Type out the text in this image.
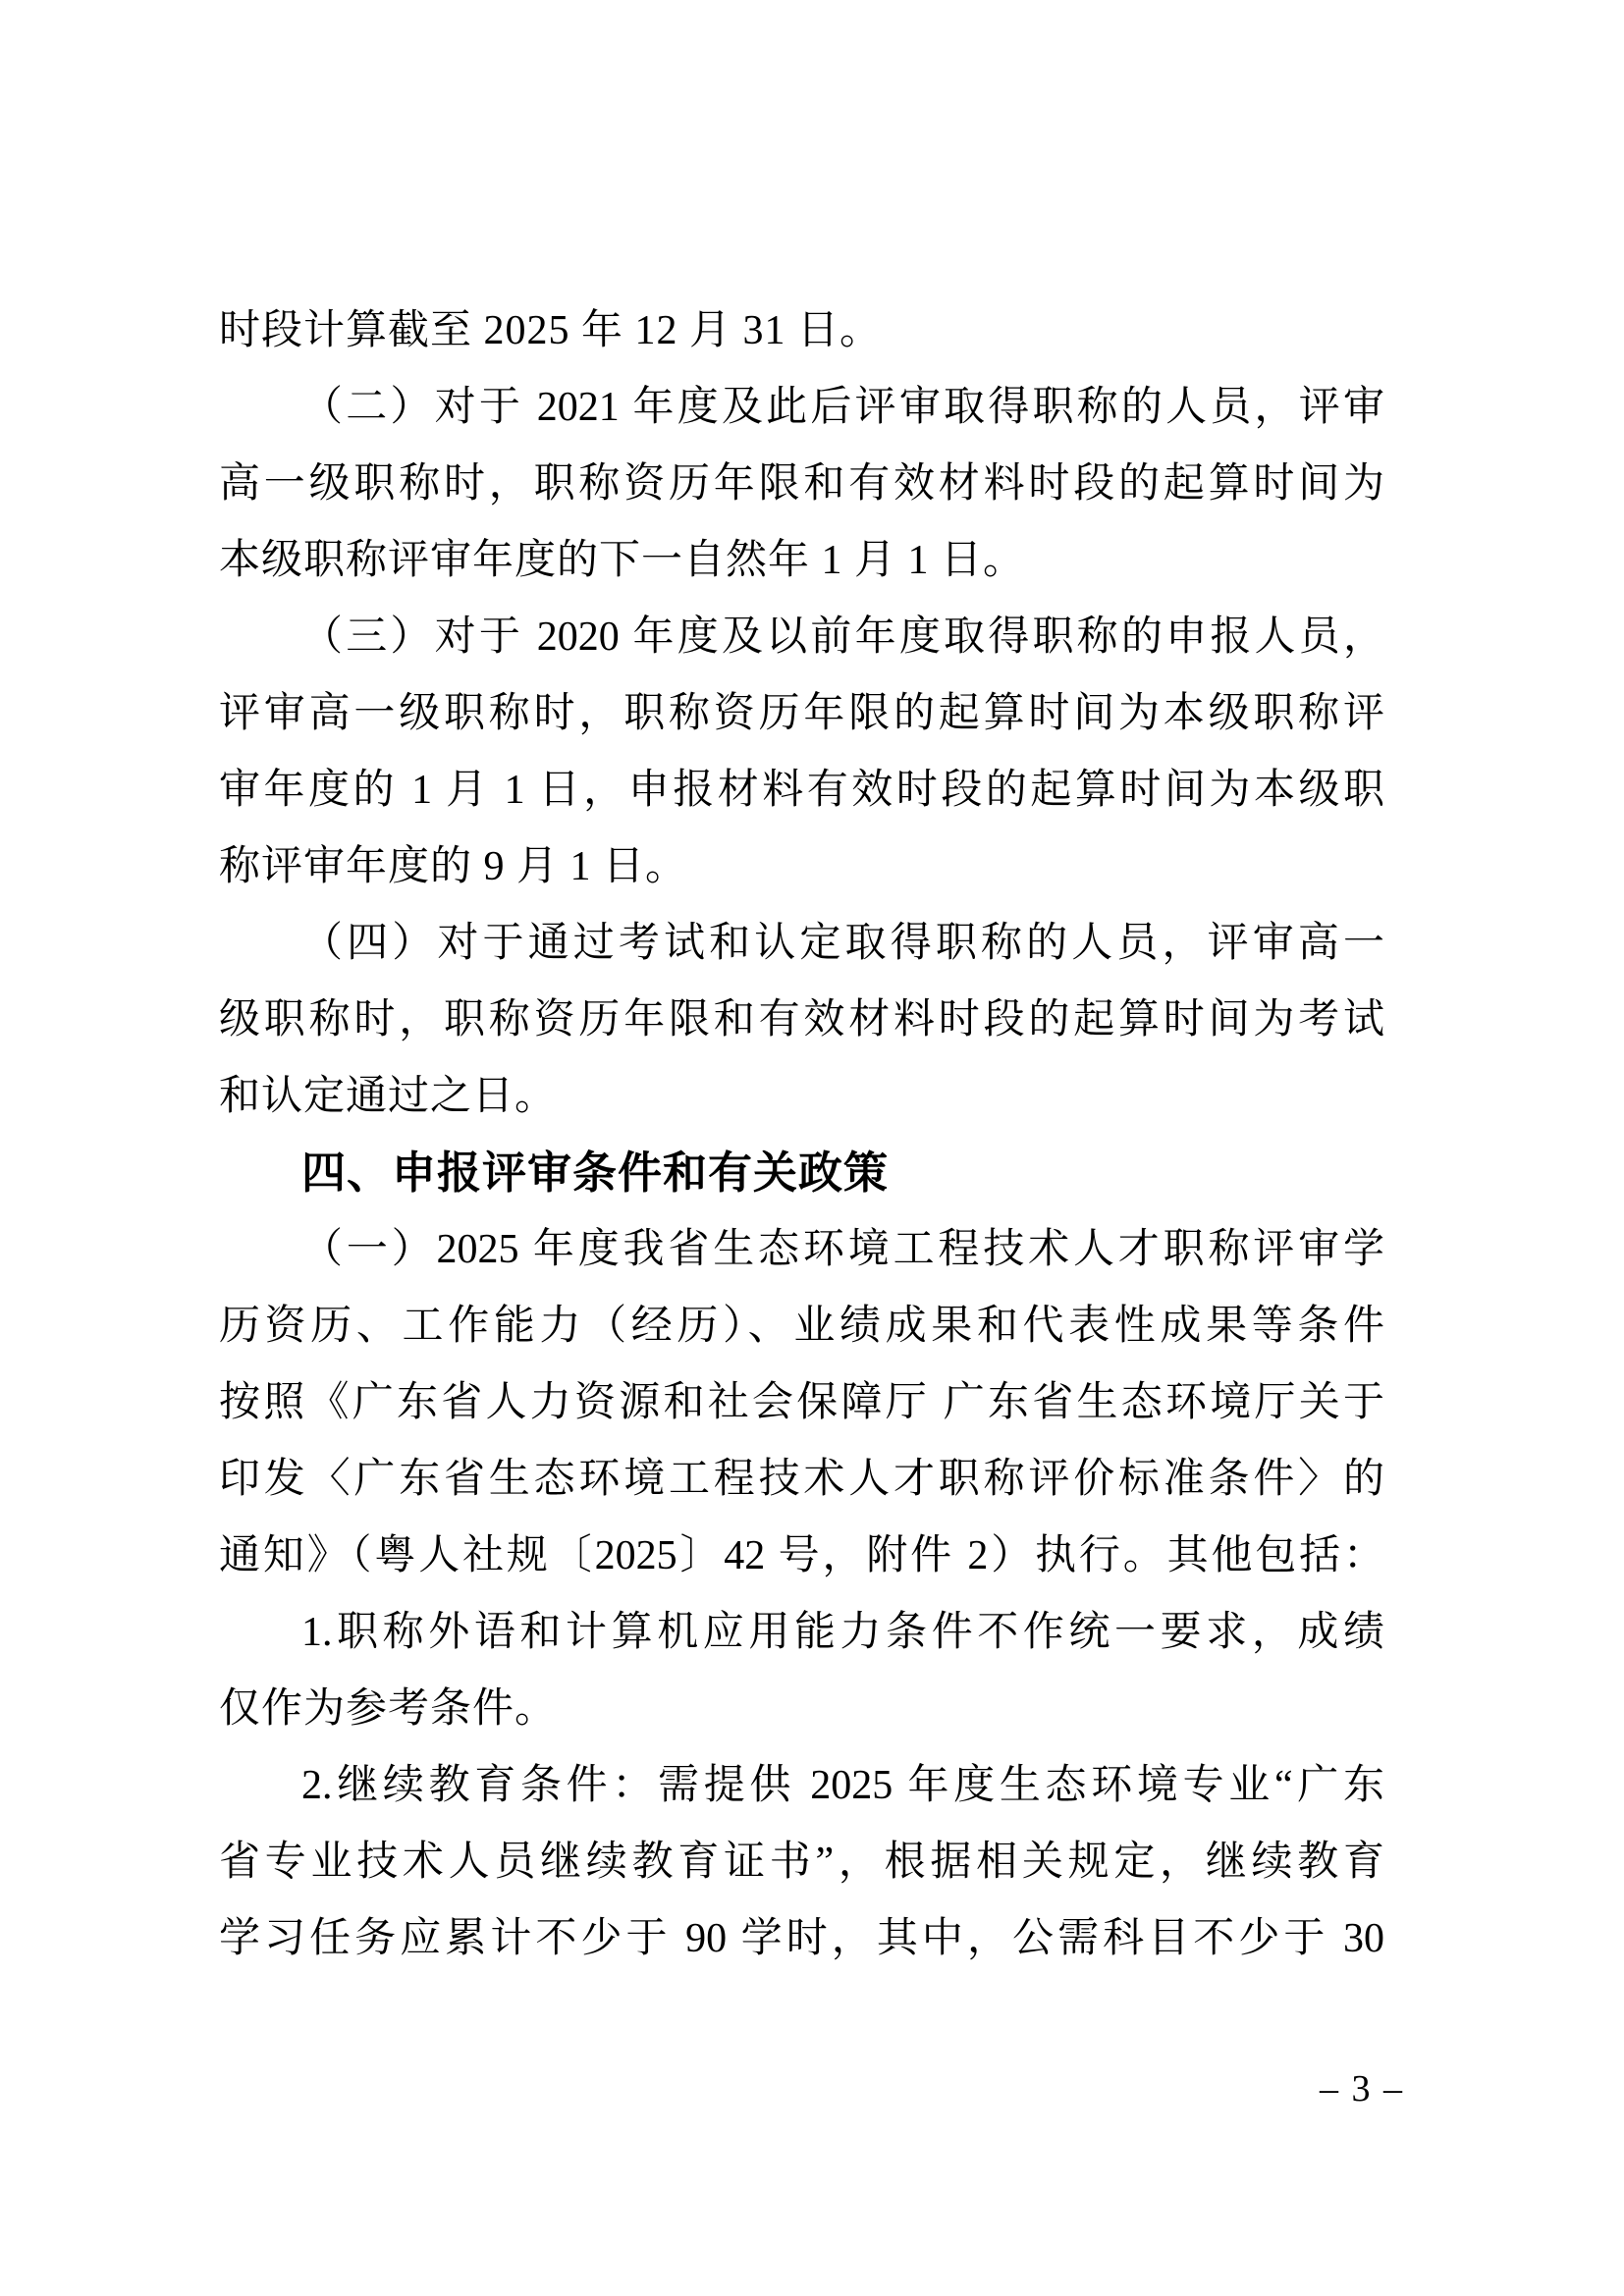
时段计算截至 2025 年 12 月 31 日。
（二）对于 2021 年度及此后评审取得职称的人员，评审
高一级职称时，职称资历年限和有效材料时段的起算时间为
本级职称评审年度的下一自然年 1 月 1 日。
（三）对于 2020 年度及以前年度取得职称的申报人员，
评审高一级职称时，职称资历年限的起算时间为本级职称评
审年度的 1 月 1 日，申报材料有效时段的起算时间为本级职
称评审年度的 9 月 1 日。
（四）对于通过考试和认定取得职称的人员，评审高一
级职称时，职称资历年限和有效材料时段的起算时间为考试
和认定通过之日。
四、申报评审条件和有关政策
（一）2025 年度我省生态环境工程技术人才职称评审学
历资历、工作能力（经历）、业绩成果和代表性成果等条件
按照《广东省人力资源和社会保障厅 广东省生态环境厅关于
印发〈广东省生态环境工程技术人才职称评价标准条件〉的
通知》（粤人社规〔2025〕42 号，附件 2）执行。其他包括：
1.职称外语和计算机应用能力条件不作统一要求，成绩
仅作为参考条件。
2.继续教育条件：需提供 2025 年度生态环境专业“广东
省专业技术人员继续教育证书”，根据相关规定，继续教育
学习任务应累计不少于 90 学时，其中，公需科目不少于 30
– 3 –
